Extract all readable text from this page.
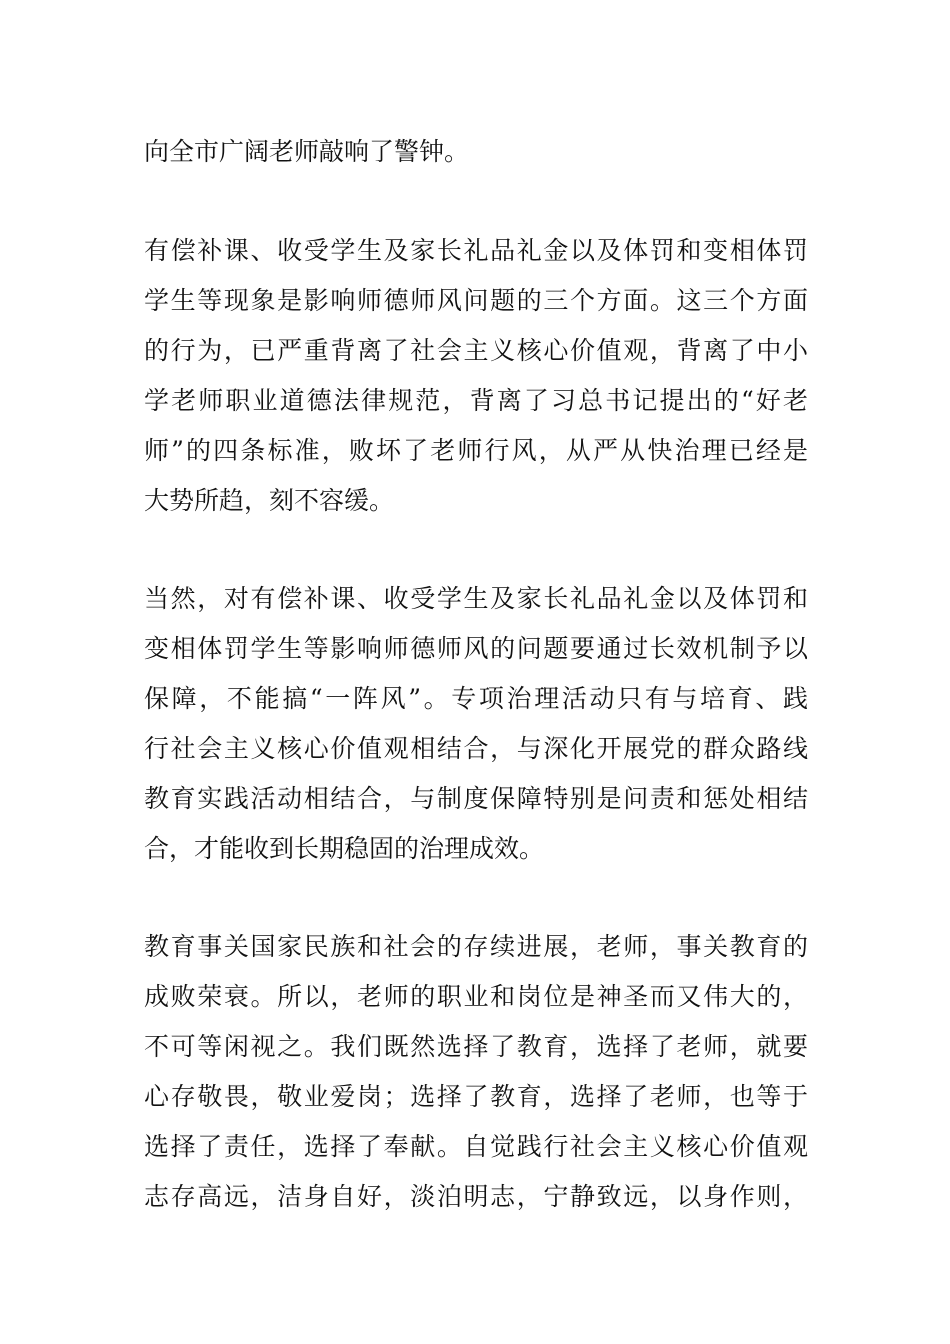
向全市广阔老师敲响了警钟。
有偿补课、收受学生及家长礼品礼金以及体罚和变相体罚
学生等现象是影响师德师风问题的三个方面。这三个方面
的行为，已严重背离了社会主义核心价值观，背离了中小
学老师职业道德法律规范，背离了习总书记提出的“好老
师”的四条标准，败坏了老师行风，从严从快治理已经是
大势所趋，刻不容缓。
当然，对有偿补课、收受学生及家长礼品礼金以及体罚和
变相体罚学生等影响师德师风的问题要通过长效机制予以
保障，不能搞“一阵风”。专项治理活动只有与培育、践
行社会主义核心价值观相结合，与深化开展党的群众路线
教育实践活动相结合，与制度保障特别是问责和惩处相结
合，才能收到长期稳固的治理成效。
教育事关国家民族和社会的存续进展，老师，事关教育的
成败荣衰。所以，老师的职业和岗位是神圣而又伟大的，
不可等闲视之。我们既然选择了教育，选择了老师，就要
心存敬畏，敬业爱岗；选择了教育，选择了老师，也等于
选择了责任，选择了奉献。自觉践行社会主义核心价值观
志存高远，洁身自好，淡泊明志，宁静致远，以身作则，
